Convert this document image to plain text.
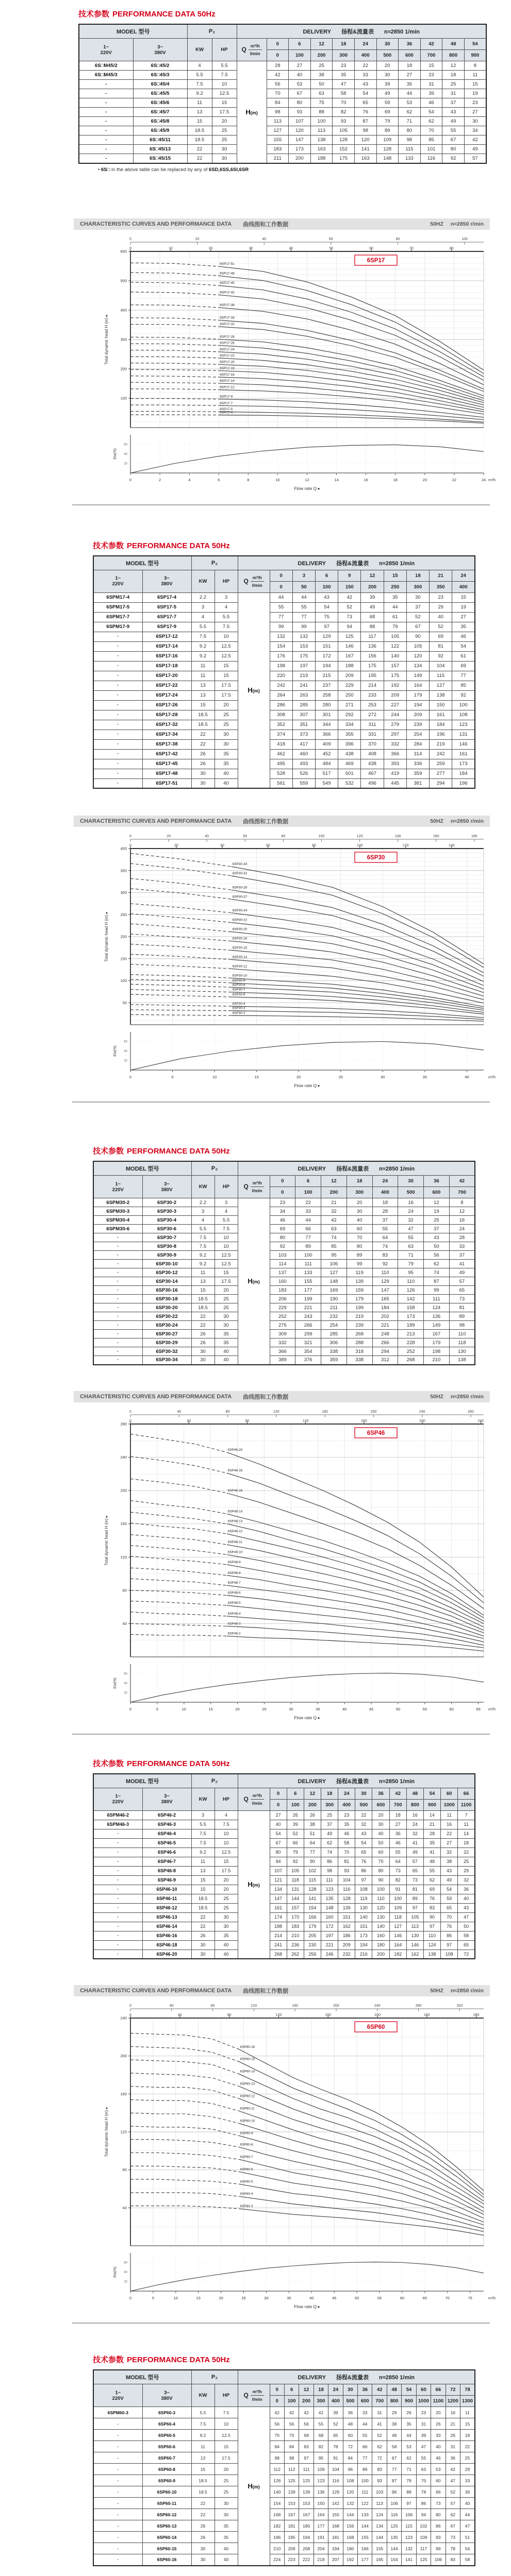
技术参数 PERFORMANCE DATA 50Hz
MODEL 型号		P₂		DELIVERY 扬程&流量表 n≈2850 1/min										

1~
220V

3~
380V	KW	HP	Q m³/h
l/min
	0	6	12	18	24	30	36	42	48	54
					0	100	200	300	400	500	600	700	800	900
6S□M45/2	6S□45/2	4	5.5	H(m)	28	27	25	23	22	20	18	15	12	8
6S□M45/3	6S□45/3	5.5	7.5		42	40	38	35	33	30	27	23	18	11
-	6S□45/4	7.5	10		56	53	50	47	43	39	35	31	25	15
-	6S□45/5	9.2	12.5		70	67	63	58	54	49	44	39	31	19
-	6S□45/6	11	15		84	80	75	70	65	59	53	46	37	23
-	6S□45/7	13	17.5		98	93	88	82	76	69	62	54	43	27
-	6S□45/8	15	20		113	107	100	93	87	79	71	62	49	30
-	6S□45/9	18.5	25		127	120	113	105	98	89	80	70	55	34
-	6S□45/11	18.5	25		155	147	138	128	120	109	98	85	67	42
-	6S□45/13	22	30		183	173	163	152	141	128	115	101	80	49
-	6S□45/15	22	30		211	200	188	175	163	148	133	116	92	57

• 6S□ in the above table can be replaced by any of 6SD,6SS,6SI,6SR

CHARACTERISTIC CURVES AND PERFORMANCE DATA 曲线图和工作数据	50HZ n≈2850 r/min
0	20	40	60	80	100
0	10	20	30	40	50	60	70	80
100
200
300
400
500
600
Total dynamic head H (m) ▸
6SP17-4
6SP17-5
6SP17-7
6SP17-9
6SP17-12
6SP17-14
6SP17-16
6SP17-18
6SP17-20
6SP17-22
6SP17-24
6SP17-26
6SP17-28
6SP17-32
6SP17-34
6SP17-38
6SP17-42
6SP17-45
6SP17-48
6SP17-51
6SP17
20
40
60
Eta(%)
0	2	4	6	8	10	12	14	16	18	20	22	24 m³/h
Flow rate Q ▸
技术参数 PERFORMANCE DATA 50Hz
MODEL 型号		P₂		DELIVERY 扬程&流量表 n≈2850 1/min									

1~
220V

3~
380V	KW	HP	Q m³/h
l/min
	0	3	6	9	12	15	18	21	24
					0	50	100	150	200	250	300	350	400
6SPM17-4	6SP17-4	2.2	3	H(m)	44	44	43	42	39	35	30	23	15
6SPM17-5	6SP17-5	3	4		55	55	54	52	49	44	37	29	19
6SPM17-7	6SP17-7	4	5.5		77	77	75	73	68	61	52	40	27
6SPM17-9	6SP17-9	5.5	7.5		99	99	97	94	88	79	67	52	35
·	6SP17-12	7.5	10		132	132	129	125	117	105	90	69	46
·	6SP17-14	9.2	12.5		154	153	151	146	136	122	105	81	54
·	6SP17-16	9.2	12.5		176	175	172	167	156	140	120	92	61
·	6SP17-18	11	15		198	197	194	188	175	157	134	104	69
·	6SP17-20	11	15		220	219	215	209	195	175	149	115	77
·	6SP17-22	13	17.5		242	241	237	229	214	192	164	127	85
·	6SP17-24	13	17.5		264	263	258	250	233	209	179	138	92
·	6SP17-26	15	20		286	285	280	271	253	227	194	150	100
·	6SP17-28	18.5	25		308	307	301	292	272	244	209	161	108
·	6SP17-32	18.5	25		352	351	344	334	311	279	239	184	123
·	6SP17-34	22	30		374	373	366	355	331	297	254	196	131
·	6SP17-38	22	30		418	417	409	396	370	332	284	219	146
·	6SP17-42	26	35		462	460	452	438	408	366	314	242	161
·	6SP17-45	26	35		495	493	484	469	438	393	336	259	173
·	6SP17-48	30	40		528	526	517	501	467	419	359	277	184
·	6SP17-51	30	40		561	559	549	532	496	445	381	294	196
CHARACTERISTIC CURVES AND PERFORMANCE DATA 曲线图和工作数据	50HZ n≈2850 r/min
0	20	40	60	80	100	120	140	160	180
0	20	40	60	80	100	120	140
50
100
150
200
250
300
350
400
Total dynamic head H (m) ▸
6SP30-2
6SP30-3
6SP30-4
6SP30-6
6SP30-7
6SP30-8
6SP30-9
6SP30-10
6SP30-12
6SP30-14
6SP30-16
6SP30-18
6SP30-20
6SP30-22
6SP30-24
6SP30-27
6SP30-29
6SP30-32
6SP30-34
6SP30
20
40
60
Eta(%)
0	5	10	15	20	25	30	35	40	m³/h
Flow rate Q ▸
技术参数 PERFORMANCE DATA 50Hz
MODEL 型号		P₂		DELIVERY 扬程&流量表 n≈2850 1/min								

1~
220V

3~
380V	KW	HP	Q m³/h
l/min
	0	6	12	18	24	30	36	42
					0	100	200	300	400	500	600	700
6SPM30-2	6SP30-2	2.2	3	H(m)	23	22	21	20	18	16	12	8
6SPM30-3	6SP30-3	3	4		34	33	32	30	28	24	19	12
6SPM30-4	6SP30-4	4	5.5		46	44	42	40	37	32	25	16
6SPM30-6	6SP30-6	5.5	7.5		69	66	63	60	55	47	37	24
·	6SP30-7	7.5	10		80	77	74	70	64	55	43	28
·	6SP30-8	7.5	10		92	89	85	80	74	63	50	33
·	6SP30-9	9.2	12.5		103	100	95	89	83	71	56	37
·	6SP30-10	9.2	12.5		114	111	106	99	92	79	62	41
·	6SP30-12	11	15		137	133	127	119	110	95	74	49
·	6SP30-14	13	17.5		160	155	148	139	129	110	87	57
·	6SP30-16	15	20		183	177	169	159	147	126	99	65
·	6SP30-18	18.5	25		206	199	190	179	165	142	111	73
·	6SP30-20	18.5	25		229	221	211	199	184	158	124	81
·	6SP30-22	22	30		252	243	232	219	202	173	136	89
·	6SP30-24	22	30		275	266	254	239	221	189	149	98
·	6SP30-27	26	35		309	299	285	268	248	213	167	110
·	6SP30-29	26	35		332	321	306	288	266	228	179	118
·	6SP30-32	30	40		366	354	338	318	294	252	198	130
·	6SP30-34	30	40		389	376	359	338	312	268	210	138
CHARACTERISTIC CURVES AND PERFORMANCE DATA 曲线图和工作数据	50HZ n≈2850 r/min
0	40	80	120	160	200	240	280
0	40	80	120	160	200	240
40
80
120
160
200
240
280
Total dynamic head H (m) ▸
6SP46-2
6SP46-3
6SP46-4
6SP46-5
6SP46-6
6SP46-7
6SP46-8
6SP46-9
6SP46-10
6SP46-11
6SP46-12
6SP46-13
6SP46-14
6SP46-16
6SP46-18
6SP46-20
6SP46
20
40
60
Eta(%)
0	5	10	15	20	25	30	35	40	45	50	55	60	65 m³/h
Flow rate Q ▸
技术参数 PERFORMANCE DATA 50Hz
MODEL 型号		P₂		DELIVERY 扬程&流量表 n≈2850 1/min												

1~
220V

3~
380V	KW	HP	Q m³/h
l/min
	0	6	12	18	24	30	36	42	48	54	60	66
					0	100	200	300	400	500	600	700	800	900	1000	1100
6SPM46-2	6SP46-2	3	4	H(m)	27	26	26	25	23	22	20	18	16	14	11	7
6SPM46-3	6SP46-3	5.5	7.5		40	39	38	37	35	32	30	27	24	21	16	11
·	6SP46-4	7.5	10		54	52	51	49	46	43	40	36	32	28	22	14
·	6SP46-5	7.5	10		67	66	64	62	58	54	50	46	41	35	27	18
·	6SP46-6	9.2	12.5		80	79	77	74	70	65	60	55	49	41	32	22
·	6SP46-7	11	15		94	92	90	86	81	76	70	64	57	48	38	25
·	6SP46-8	13	17.5		107	105	102	98	93	86	80	73	65	55	43	29
·	6SP46-9	15	20		121	118	115	111	104	97	90	82	73	62	49	32
·	6SP46-10	15	20		134	131	128	123	116	108	100	91	81	69	54	36
·	6SP46-11	18.5	25		147	144	141	135	128	119	110	100	89	76	59	40
·	6SP46-12	18.5	25		161	157	154	148	139	130	120	109	97	83	65	43
·	6SP46-13	22	30		174	170	166	160	151	140	130	118	105	90	70	47
·	6SP46-14	22	30		188	183	179	172	162	151	140	127	113	97	76	50
·	6SP46-16	26	35		214	210	205	197	186	173	160	146	130	110	86	58
·	6SP46-18	30	40		241	236	230	221	209	194	180	164	146	124	97	65
·	6SP46-20	30	40		268	262	256	246	232	216	200	182	162	138	108	72
CHARACTERISTIC CURVES AND PERFORMANCE DATA 曲线图和工作数据	50HZ n≈2850 r/min
0	40	80	120	160	200	240	280	320
0	40	80	120	160	200	240	280
40
80
120
160
200
240
Total dynamic head H (m) ▸
6SP60-3
6SP60-4
6SP60-5
6SP60-6
6SP60-7
6SP60-8
6SP60-9
6SP60-10
6SP60-11
6SP60-12
6SP60-13
6SP60-14
6SP60-15
6SP60-16
6SP60
20
40
60
Eta(%)
0	5	10	15	20	25	30	35	40	45	50	55	60	65	70	75	m³/h
Flow rate Q ▸
技术参数 PERFORMANCE DATA 50Hz
MODEL 型号		P₂		DELIVERY 扬程&流量表 n≈2850 1/min														

1~
220V

3~
380V	KW	HP	Q m³/h
l/min
	0	6	12	18	24	30	36	42	48	54	60	66	72	78
					0	100	200	300	400	500	600	700	800	900	1000	1100	1200	1300
6SPM60-3	6SP60-3	5.5	7.5	H(m)	42	42	42	41	39	36	33	31	29	26	23	20	16	11
·	6SP60-4	7.5	10		56	56	56	55	52	48	44	41	38	35	31	26	21	15
·	6SP60-5	9.2	12.5		70	70	69	68	65	60	55	52	48	44	39	33	26	18
·	6SP60-6	11	15		84	84	83	82	78	72	66	62	58	53	47	40	31	22
·	6SP60-7	13	17.5		98	98	97	95	91	84	77	72	67	62	55	46	36	25
·	6SP60-8	15	20		112	112	111	109	104	96	89	83	77	71	63	53	42	29
·	6SP60-9	18.5	25		126	125	125	123	116	108	100	93	87	79	70	60	47	33
·	6SP60-10	18.5	25		140	139	139	136	129	120	111	103	96	88	78	66	52	36
·	6SP60-11	22	30		154	153	153	150	142	132	122	113	106	97	86	73	57	40
·	6SP60-12	22	30		168	167	167	164	155	144	133	124	116	106	94	80	62	44
·	6SP60-13	26	35		182	181	180	177	168	156	144	134	125	115	102	86	67	47
·	6SP60-14	26	35		196	195	194	191	181	168	155	144	135	123	109	93	73	51
·	6SP60-15	30	40		210	209	208	204	194	180	166	155	144	132	117	99	78	54
·	6SP60-16	30	40		224	223	222	218	207	192	177	165	154	141	125	106	83	58
